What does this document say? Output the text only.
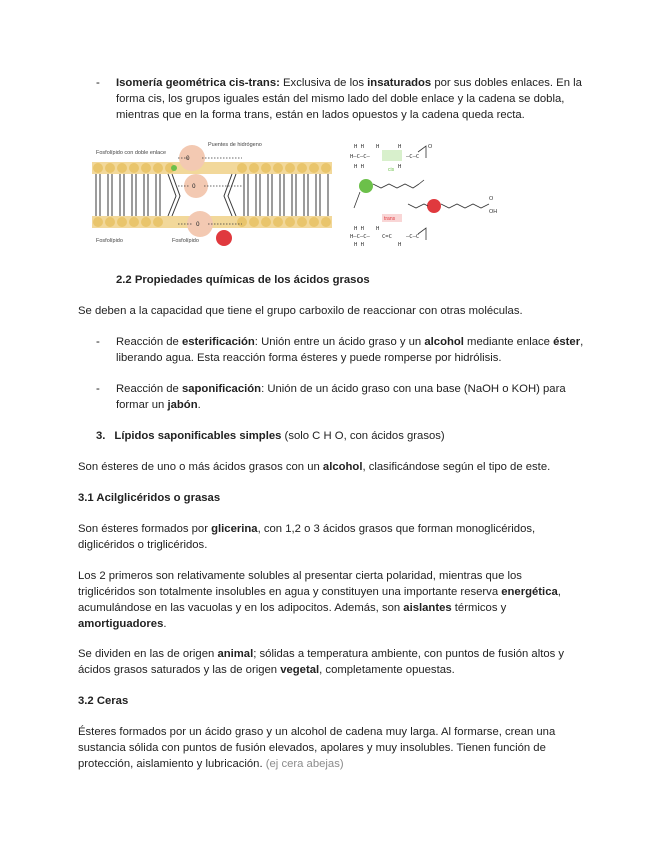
- Isomería geométrica cis-trans: Exclusiva de los insaturados por sus dobles enlaces. En la forma cis, los grupos iguales están del mismo lado del doble enlace y la cadena se dobla, mientras que en la forma trans, están en lados opuestos y la cadena queda recta.
O
O
O
Fosfolípido con doble enlace
Puentes de hidrógeno
Fosfolípido	Fosfolípido
H H H	H
H–C–C–	–C–C
H H	H
cis
O
O
OH
trans
H H H
H–C–C– C=C	–C–C
H H	H
2.2 Propiedades químicas de los ácidos grasos
Se deben a la capacidad que tiene el grupo carboxilo de reaccionar con otras moléculas.
- Reacción de esterificación: Unión entre un ácido graso y un alcohol mediante enlace éster, liberando agua. Esta reacción forma ésteres y puede romperse por hidrólisis.
- Reacción de saponificación: Unión de un ácido graso con una base (NaOH o KOH) para formar un jabón.
3. Lípidos saponificables simples (solo C H O, con ácidos grasos)
Son ésteres de uno o más ácidos grasos con un alcohol, clasificándose según el tipo de este.
3.1 Acilglicéridos o grasas
Son ésteres formados por glicerina, con 1,2 o 3 ácidos grasos que forman monoglicéridos, diglicéridos o triglicéridos.
Los 2 primeros son relativamente solubles al presentar cierta polaridad, mientras que los triglicéridos son totalmente insolubles en agua y constituyen una importante reserva energética, acumulándose en las vacuolas y en los adipocitos. Además, son aislantes térmicos y amortiguadores.
Se dividen en las de origen animal; sólidas a temperatura ambiente, con puntos de fusión altos y ácidos grasos saturados y las de origen vegetal, completamente opuestas.
3.2 Ceras
Ésteres formados por un ácido graso y un alcohol de cadena muy larga. Al formarse, crean una sustancia sólida con puntos de fusión elevados, apolares y muy insolubles. Tienen función de protección, aislamiento y lubricación. (ej cera abejas)
